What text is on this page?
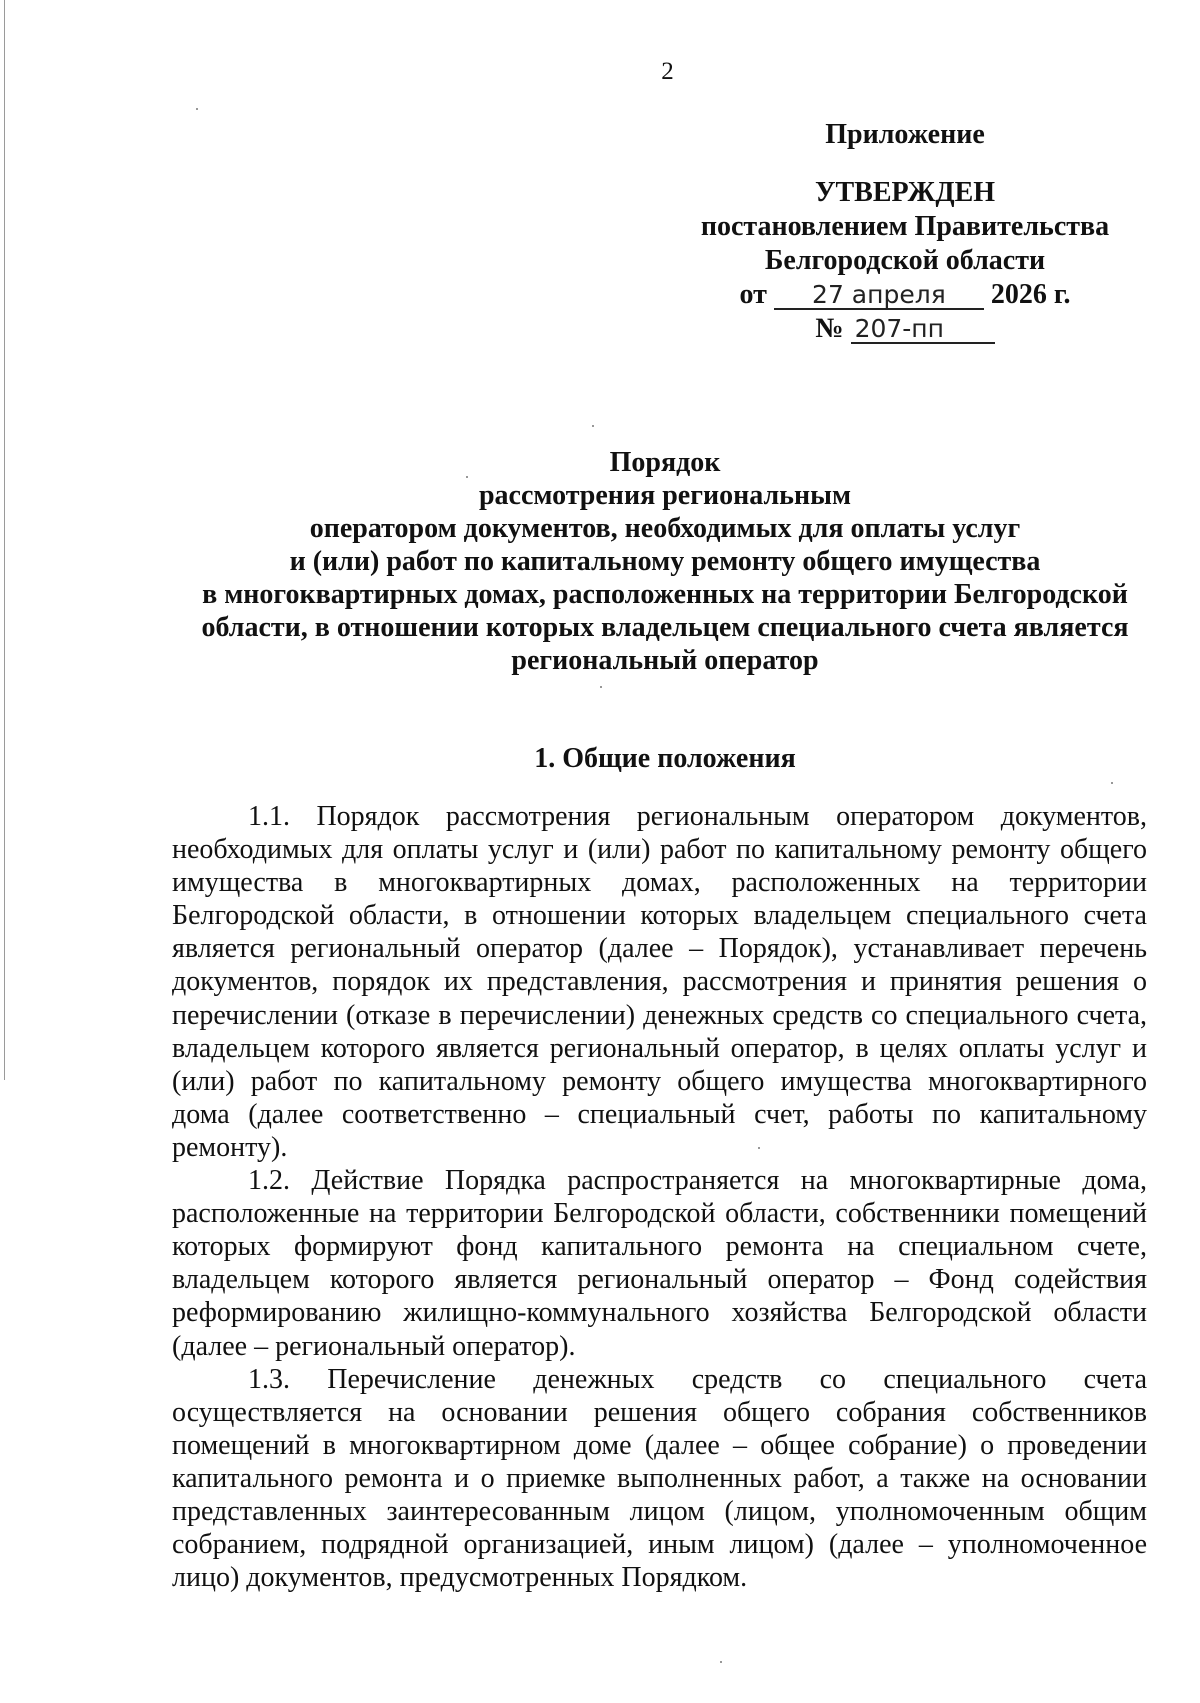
2
Приложение
УТВЕРЖДЕН
постановлением Правительства
Белгородской области
от 27 апреля 2026 г.
№ 207-пп
Порядок
рассмотрения региональным
оператором документов, необходимых для оплаты услуг
и (или) работ по капитальному ремонту общего имущества
в многоквартирных домах, расположенных на территории Белгородской
области, в отношении которых владельцем специального счета является
региональный оператор
1. Общие положения

1.1. Порядок рассмотрения региональным оператором документов, необходимых для оплаты услуг и (или) работ по капитальному ремонту общего имущества в многоквартирных домах, расположенных на территории Белгородской области, в отношении которых владельцем специального счета является региональный оператор (далее – Порядок), устанавливает перечень документов, порядок их представления, рассмотрения и принятия решения о перечислении (отказе в перечислении) денежных средств со специального счета, владельцем которого является региональный оператор, в целях оплаты услуг и (или) работ по капитальному ремонту общего имущества многоквартирного дома (далее соответственно – специальный счет, работы по капитальному ремонту).

1.2. Действие Порядка распространяется на многоквартирные дома, расположенные на территории Белгородской области, собственники помещений которых формируют фонд капитального ремонта на специальном счете, владельцем которого является региональный оператор – Фонд содействия реформированию жилищно-коммунального хозяйства Белгородской области (далее – региональный оператор).

1.3. Перечисление денежных средств со специального счета осуществляется на основании решения общего собрания собственников помещений в многоквартирном доме (далее – общее собрание) о проведении капитального ремонта и о приемке выполненных работ, а также на основании представленных заинтересованным лицом (лицом, уполномоченным общим собранием, подрядной организацией, иным лицом) (далее – уполномоченное лицо) документов, предусмотренных Порядком.
